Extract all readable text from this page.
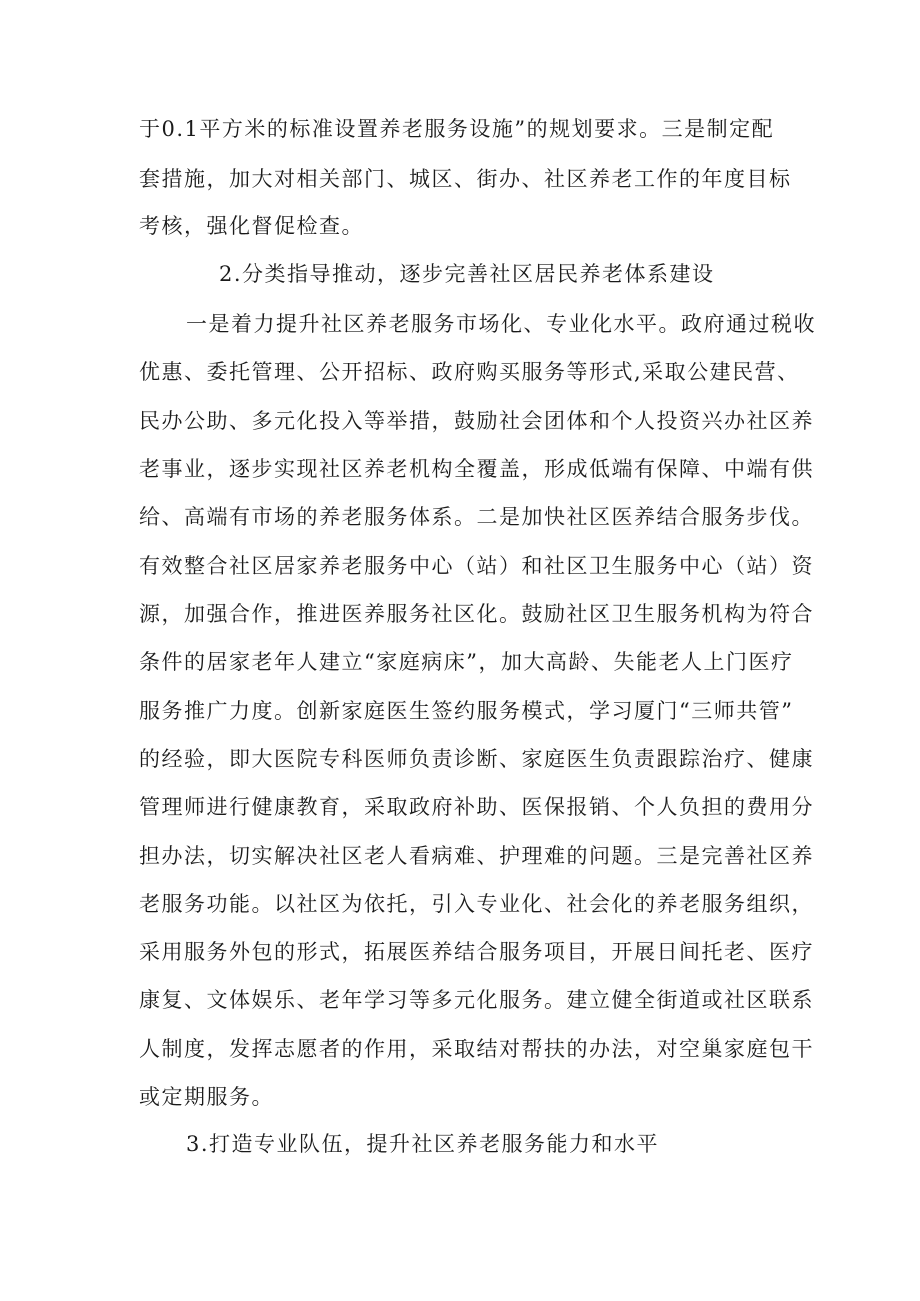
于0.1平方米的标准设置养老服务设施”的规划要求。三是制定配
套措施，加大对相关部门、城区、街办、社区养老工作的年度目标
考核，强化督促检查。
2.分类指导推动，逐步完善社区居民养老体系建设
一是着力提升社区养老服务市场化、专业化水平。政府通过税收
优惠、委托管理、公开招标、政府购买服务等形式,采取公建民营、
民办公助、多元化投入等举措，鼓励社会团体和个人投资兴办社区养
老事业，逐步实现社区养老机构全覆盖，形成低端有保障、中端有供
给、高端有市场的养老服务体系。二是加快社区医养结合服务步伐。
有效整合社区居家养老服务中心（站）和社区卫生服务中心（站）资
源，加强合作，推进医养服务社区化。鼓励社区卫生服务机构为符合
条件的居家老年人建立“家庭病床”，加大高龄、失能老人上门医疗
服务推广力度。创新家庭医生签约服务模式，学习厦门“三师共管”
的经验，即大医院专科医师负责诊断、家庭医生负责跟踪治疗、健康
管理师进行健康教育，采取政府补助、医保报销、个人负担的费用分
担办法，切实解决社区老人看病难、护理难的问题。三是完善社区养
老服务功能。以社区为依托，引入专业化、社会化的养老服务组织，
采用服务外包的形式，拓展医养结合服务项目，开展日间托老、医疗
康复、文体娱乐、老年学习等多元化服务。建立健全街道或社区联系
人制度，发挥志愿者的作用，采取结对帮扶的办法，对空巢家庭包干
或定期服务。
3.打造专业队伍，提升社区养老服务能力和水平
